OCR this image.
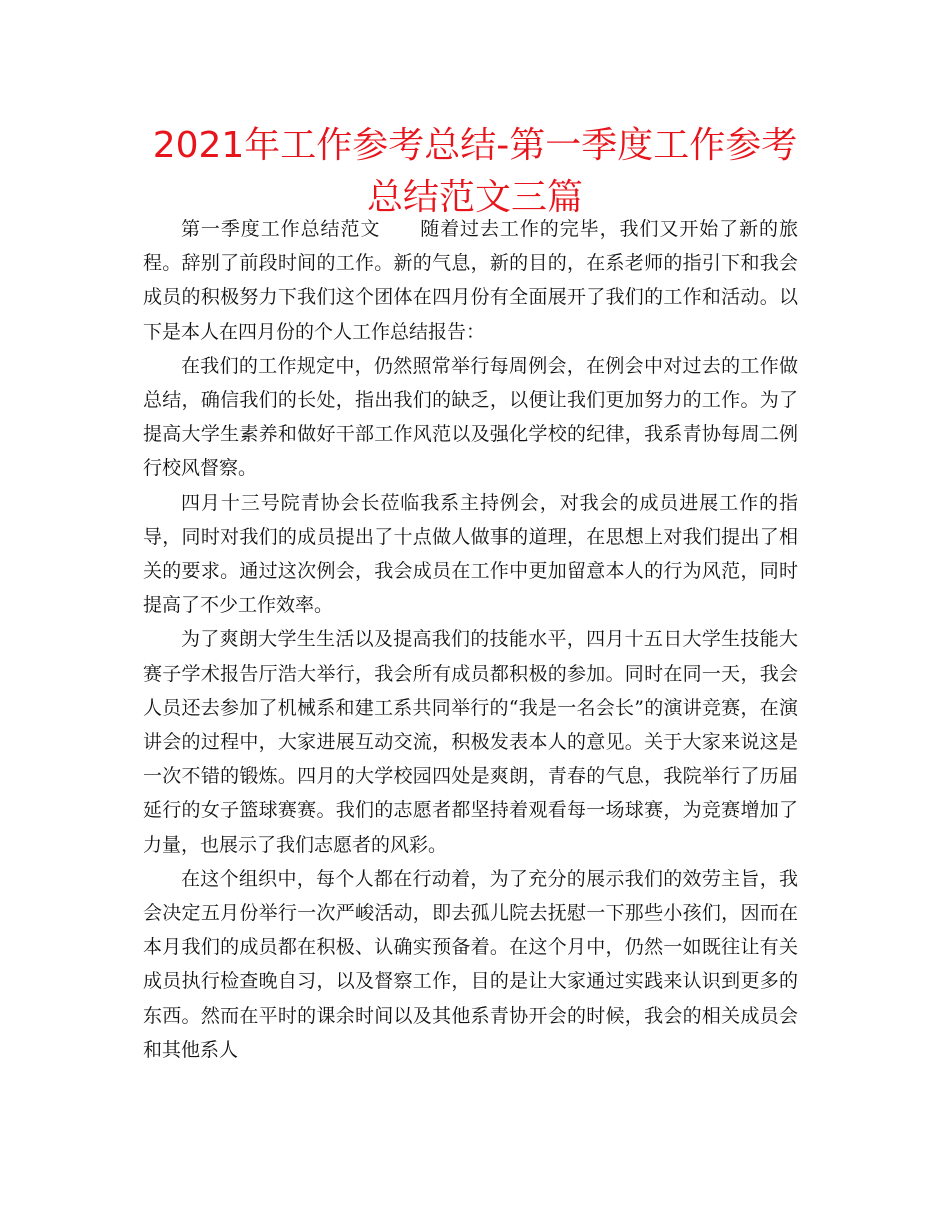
2021年工作参考总结-第一季度工作参考总结范文三篇

第一季度工作总结范文　　随着过去工作的完毕，我们又开始了新的旅程。辞别了前段时间的工作。新的气息，新的目的，在系老师的指引下和我会成员的积极努力下我们这个团体在四月份有全面展开了我们的工作和活动。以下是本人在四月份的个人工作总结报告：

在我们的工作规定中，仍然照常举行每周例会，在例会中对过去的工作做总结，确信我们的长处，指出我们的缺乏，以便让我们更加努力的工作。为了提高大学生素养和做好干部工作风范以及强化学校的纪律，我系青协每周二例行校风督察。

四月十三号院青协会长莅临我系主持例会，对我会的成员进展工作的指导，同时对我们的成员提出了十点做人做事的道理，在思想上对我们提出了相关的要求。通过这次例会，我会成员在工作中更加留意本人的行为风范，同时提高了不少工作效率。

为了爽朗大学生生活以及提高我们的技能水平，四月十五日大学生技能大赛子学术报告厅浩大举行，我会所有成员都积极的参加。同时在同一天，我会人员还去参加了机械系和建工系共同举行的“我是一名会长”的演讲竞赛，在演讲会的过程中，大家进展互动交流，积极发表本人的意见。关于大家来说这是一次不错的锻炼。四月的大学校园四处是爽朗，青春的气息，我院举行了历届延行的女子篮球赛赛。我们的志愿者都坚持着观看每一场球赛，为竞赛增加了力量，也展示了我们志愿者的风彩。

在这个组织中，每个人都在行动着，为了充分的展示我们的效劳主旨，我会决定五月份举行一次严峻活动，即去孤儿院去抚慰一下那些小孩们，因而在本月我们的成员都在积极、认确实预备着。在这个月中，仍然一如既往让有关成员执行检查晚自习，以及督察工作，目的是让大家通过实践来认识到更多的东西。然而在平时的课余时间以及其他系青协开会的时候，我会的相关成员会和其他系人
